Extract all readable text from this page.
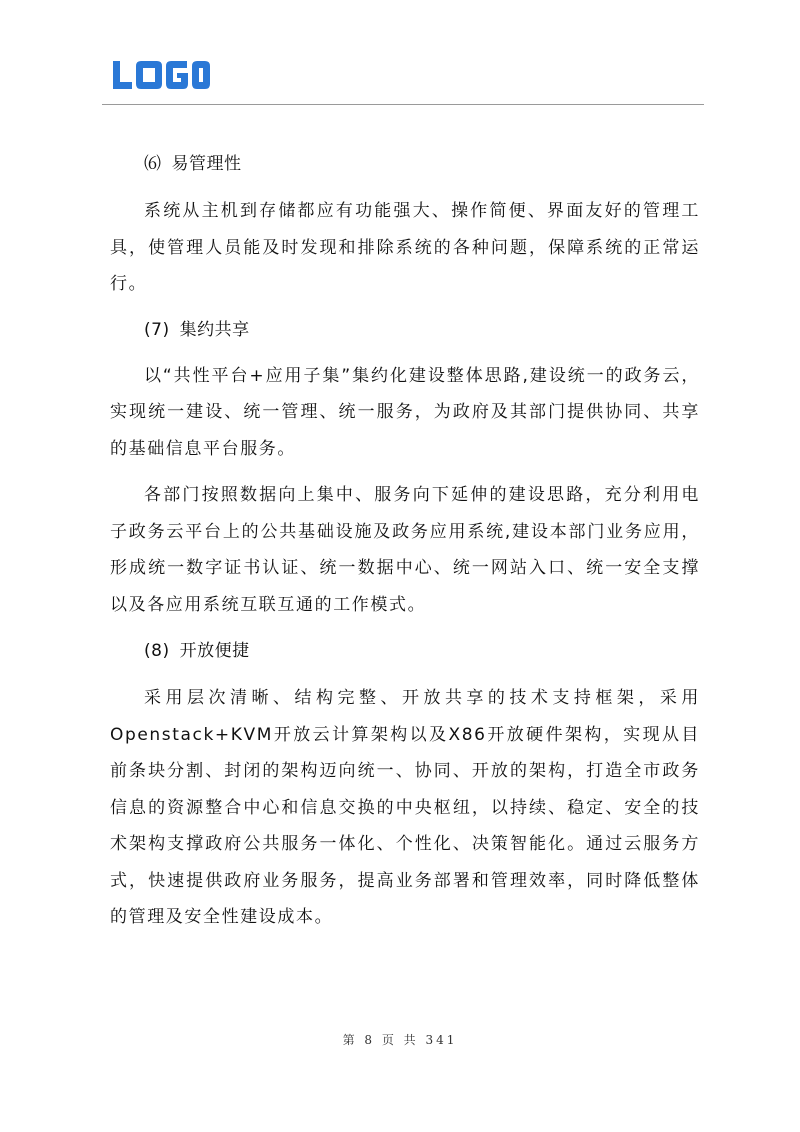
⑹ 易管理性

系统从主机到存储都应有功能强大、操作简便、界面友好的管理工具，使管理人员能及时发现和排除系统的各种问题，保障系统的正常运行。

(7) 集约共享

以“共性平台+应用子集”集约化建设整体思路,建设统一的政务云，实现统一建设、统一管理、统一服务，为政府及其部门提供协同、共享的基础信息平台服务。

各部门按照数据向上集中、服务向下延伸的建设思路，充分利用电子政务云平台上的公共基础设施及政务应用系统,建设本部门业务应用，形成统一数字证书认证、统一数据中心、统一网站入口、统一安全支撑以及各应用系统互联互通的工作模式。

(8) 开放便捷

采用层次清晰、结构完整、开放共享的技术支持框架，采用Openstack+KVM开放云计算架构以及X86开放硬件架构，实现从目前条块分割、封闭的架构迈向统一、协同、开放的架构，打造全市政务信息的资源整合中心和信息交换的中央枢纽，以持续、稳定、安全的技术架构支撑政府公共服务一体化、个性化、决策智能化。通过云服务方式，快速提供政府业务服务，提高业务部署和管理效率，同时降低整体的管理及安全性建设成本。

第 8 页 共 341
